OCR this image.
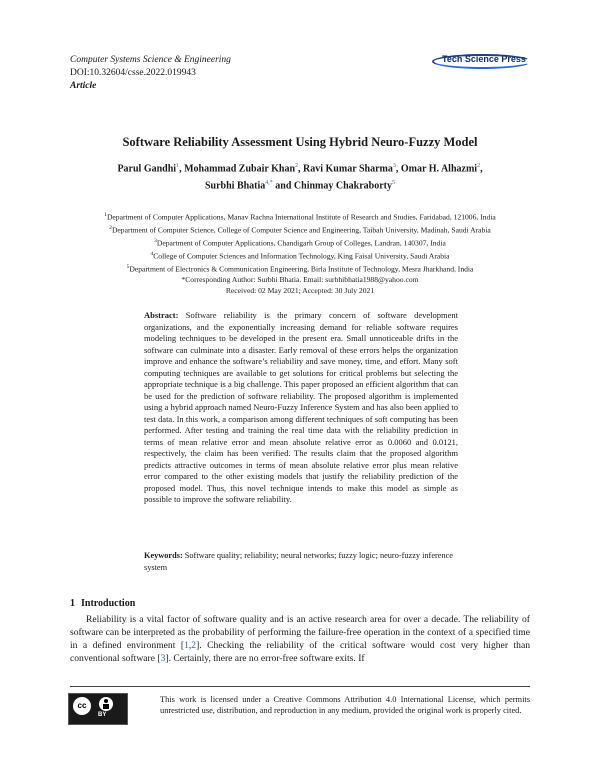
Computer Systems Science & Engineering
DOI:10.32604/csse.2022.019943
Article
Tech Science Press
Software Reliability Assessment Using Hybrid Neuro-Fuzzy Model
Parul Gandhi$^1$, Mohammad Zubair Khan$^2$, Ravi Kumar Sharma$^3$, Omar H. Alhazmi$^2$,
Surbhi Bhatia$^{4,*}$ and Chinmay Chakraborty$^5$
$^1$Department of Computer Applications, Manav Rachna International Institute of Research and Studies, Faridabad, 121006, India
$^2$Department of Computer Science, College of Computer Science and Engineering, Taibah University, Madinah, Saudi Arabia
$^3$Department of Computer Applications, Chandigarh Group of Colleges, Landran, 140307, India
$^4$College of Computer Sciences and Information Technology, King Faisal University, Saudi Arabia
$^5$Department of Electronics & Communication Engineering, Birla Institute of Technology, Mesra Jharkhand, India
*Corresponding Author: Surbhi Bhatia. Email: surbhibhatia1988@yahoo.com
Received: 02 May 2021; Accepted: 30 July 2021
Abstract: Software reliability is the primary concern of software development organizations, and the exponentially increasing demand for reliable software requires modeling techniques to be developed in the present era. Small unnoticeable drifts in the software can culminate into a disaster. Early removal of these errors helps the organization improve and enhance the software’s reliability and save money, time, and effort. Many soft computing techniques are available to get solutions for critical problems but selecting the appropriate technique is a big challenge. This paper proposed an efficient algorithm that can be used for the prediction of software reliability. The proposed algorithm is implemented using a hybrid approach named Neuro-Fuzzy Inference System and has also been applied to test data. In this work, a comparison among different techniques of soft computing has been performed. After testing and training the real time data with the reliability prediction in terms of mean relative error and mean absolute relative error as 0.0060 and 0.0121, respectively, the claim has been verified. The results claim that the proposed algorithm predicts attractive outcomes in terms of mean absolute relative error plus mean relative error compared to the other existing models that justify the reliability prediction of the proposed model. Thus, this novel technique intends to make this model as simple as possible to improve the software reliability.
Keywords: Software quality; reliability; neural networks; fuzzy logic; neuro-fuzzy inference system
1 Introduction
Reliability is a vital factor of software quality and is an active research area for over a decade. The reliability of software can be interpreted as the probability of performing the failure-free operation in the context of a specified time in a defined environment [1,2]. Checking the reliability of the critical software would cost very higher than conventional software [3]. Certainly, there are no error-free software exits. If
cc
BY
This work is licensed under a Creative Commons Attribution 4.0 International License, which permits unrestricted use, distribution, and reproduction in any medium, provided the original work is properly cited.
